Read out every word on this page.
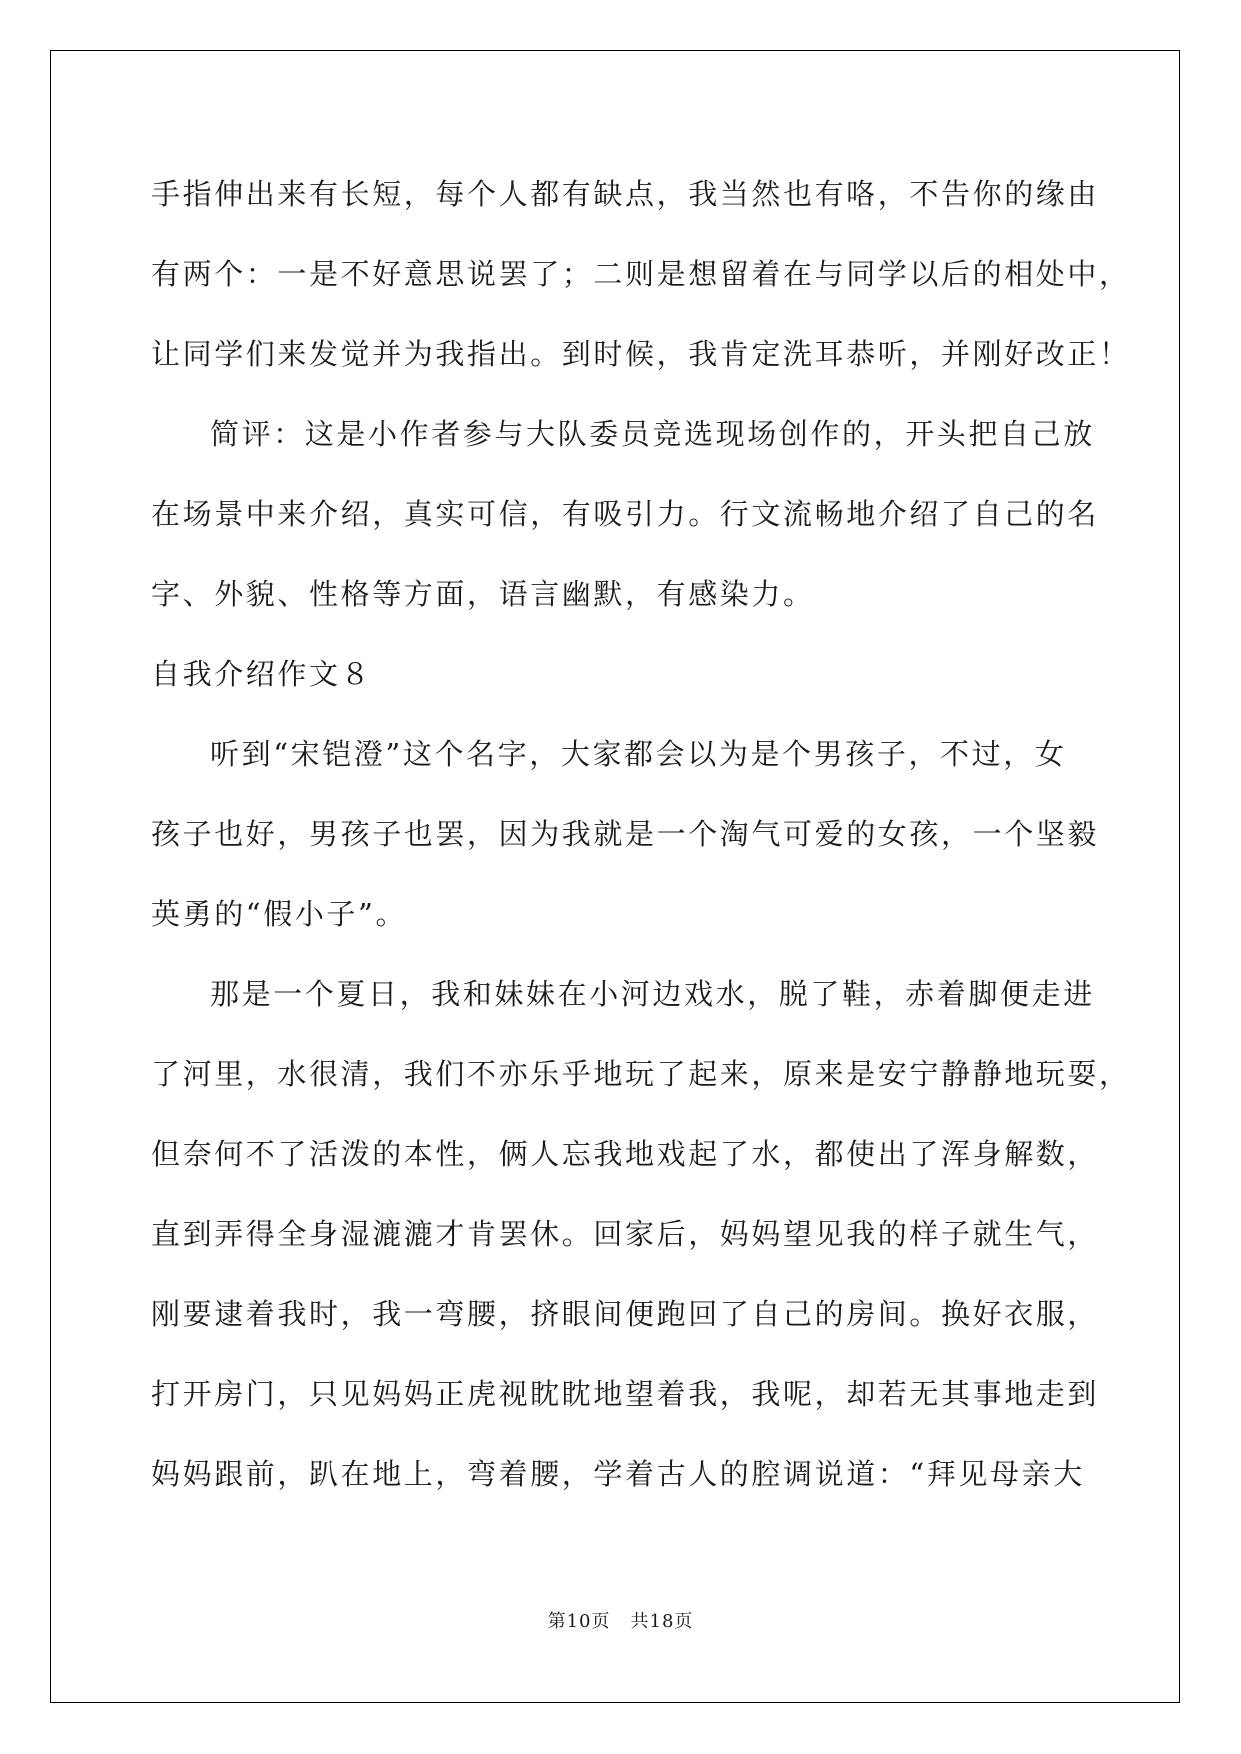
手指伸出来有长短，每个人都有缺点，我当然也有咯，不告你的缘由
有两个：一是不好意思说罢了；二则是想留着在与同学以后的相处中，
让同学们来发觉并为我指出。到时候，我肯定洗耳恭听，并刚好改正！
简评：这是小作者参与大队委员竞选现场创作的，开头把自己放
在场景中来介绍，真实可信，有吸引力。行文流畅地介绍了自己的名
字、外貌、性格等方面，语言幽默，有感染力。
自我介绍作文８
听到“宋铠澄”这个名字，大家都会以为是个男孩子，不过，女
孩子也好，男孩子也罢，因为我就是一个淘气可爱的女孩，一个坚毅
英勇的“假小子”。
那是一个夏日，我和妹妹在小河边戏水，脱了鞋，赤着脚便走进
了河里，水很清，我们不亦乐乎地玩了起来，原来是安宁静静地玩耍，
但奈何不了活泼的本性，俩人忘我地戏起了水，都使出了浑身解数，
直到弄得全身湿漉漉才肯罢休。回家后，妈妈望见我的样子就生气，
刚要逮着我时，我一弯腰，挤眼间便跑回了自己的房间。换好衣服，
打开房门，只见妈妈正虎视眈眈地望着我，我呢，却若无其事地走到
妈妈跟前，趴在地上，弯着腰，学着古人的腔调说道：“拜见母亲大
第10页 共18页
